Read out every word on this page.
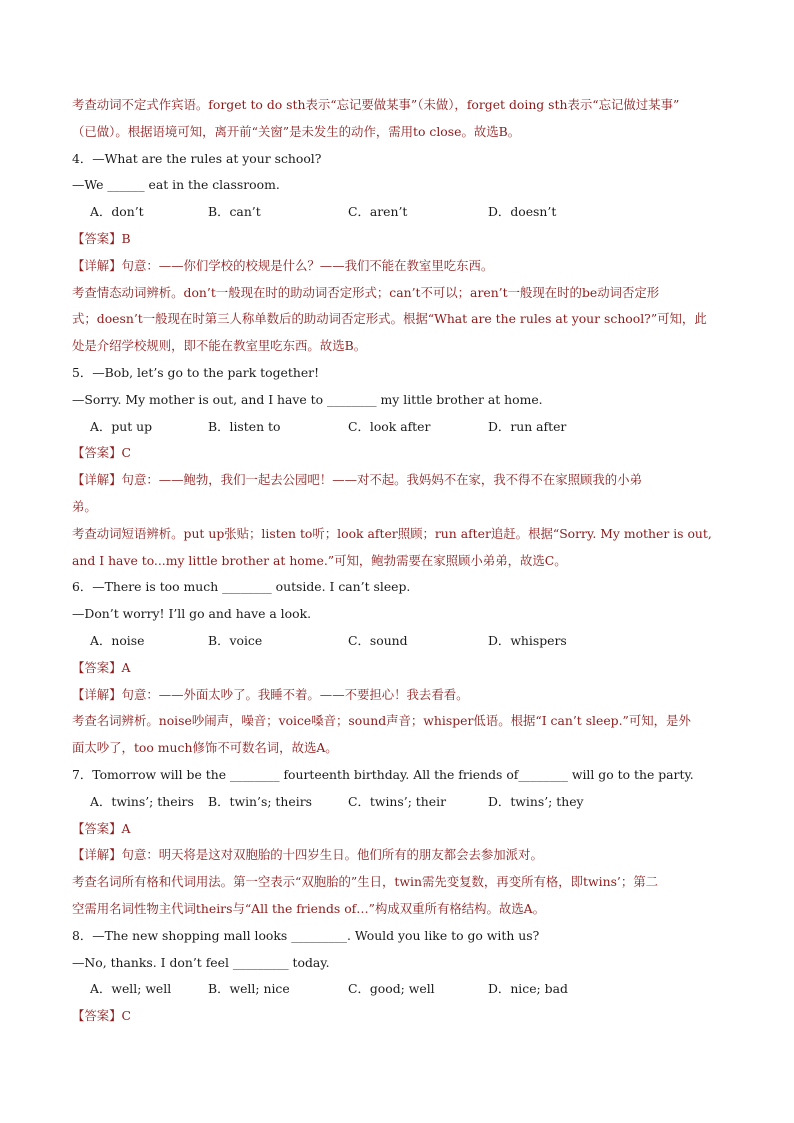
考查动词不定式作宾语。forget to do sth表示“忘记要做某事”（未做），forget doing sth表示“忘记做过某事”
（已做）。根据语境可知，离开前“关窗”是未发生的动作，需用to close。故选B。
4．—What are the rules at your school?
—We ______ eat in the classroom.
A．don’t	B．can’t	C．aren’t	D．doesn’t
【答案】B
【详解】句意：——你们学校的校规是什么？——我们不能在教室里吃东西。
考查情态动词辨析。don’t一般现在时的助动词否定形式；can’t不可以；aren’t一般现在时的be动词否定形
式；doesn’t一般现在时第三人称单数后的助动词否定形式。根据“What are the rules at your school?”可知，此
处是介绍学校规则，即不能在教室里吃东西。故选B。
5．—Bob, let’s go to the park together!
—Sorry. My mother is out, and I have to ________ my little brother at home.
A．put up	B．listen to	C．look after	D．run after
【答案】C
【详解】句意：——鲍勃，我们一起去公园吧！——对不起。我妈妈不在家，我不得不在家照顾我的小弟
弟。
考查动词短语辨析。put up张贴；listen to听；look after照顾；run after追赶。根据“Sorry. My mother is out,
and I have to...my little brother at home.”可知，鲍勃需要在家照顾小弟弟，故选C。
6．—There is too much ________ outside. I can’t sleep.
—Don’t worry! I’ll go and have a look.
A．noise	B．voice	C．sound	D．whispers
【答案】A
【详解】句意：——外面太吵了。我睡不着。——不要担心！我去看看。
考查名词辨析。noise吵闹声，噪音；voice嗓音；sound声音；whisper低语。根据“I can’t sleep.”可知，是外
面太吵了，too much修饰不可数名词，故选A。
7．Tomorrow will be the ________ fourteenth birthday. All the friends of________ will go to the party.
A．twins’; theirs	B．twin’s; theirs	C．twins’; their	D．twins’; they
【答案】A
【详解】句意：明天将是这对双胞胎的十四岁生日。他们所有的朋友都会去参加派对。
考查名词所有格和代词用法。第一空表示“双胞胎的”生日，twin需先变复数，再变所有格，即twins’；第二
空需用名词性物主代词theirs与“All the friends of…”构成双重所有格结构。故选A。
8．—The new shopping mall looks _________. Would you like to go with us?
—No, thanks. I don’t feel _________ today.
A．well; well	B．well; nice	C．good; well	D．nice; bad
【答案】C
